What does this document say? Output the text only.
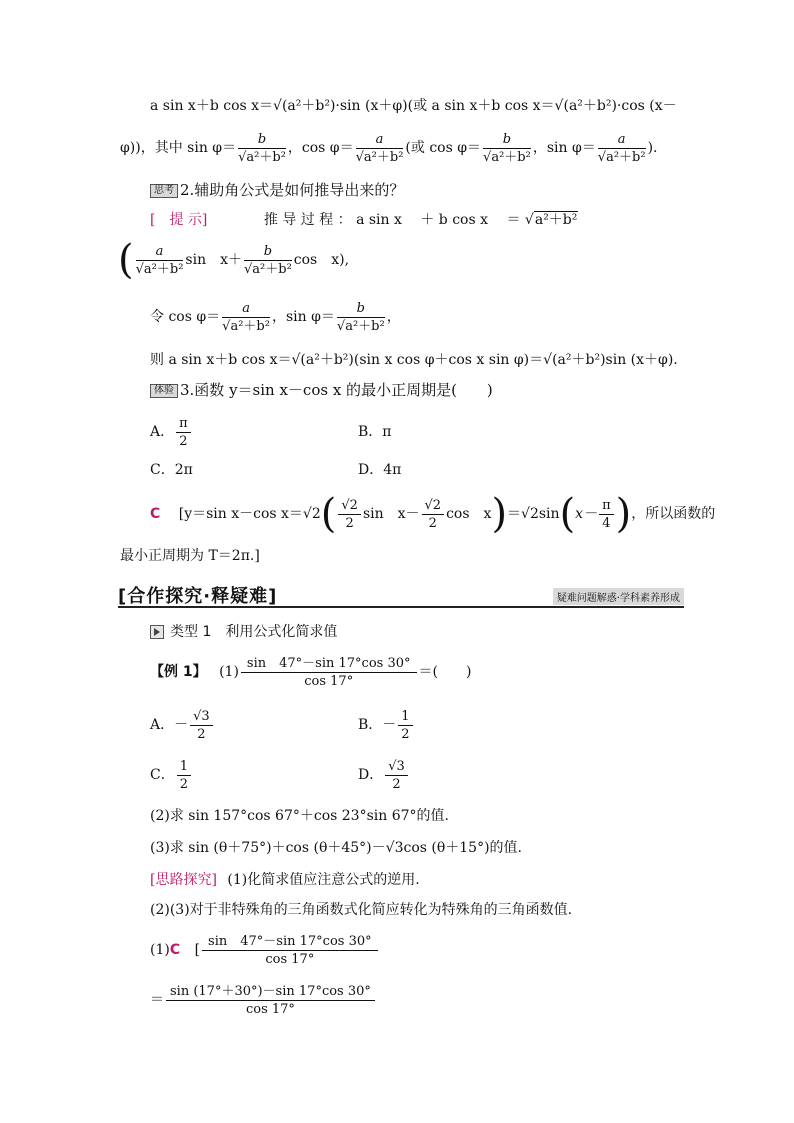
a sin x＋b cos x＝√(a²＋b²)·sin (x＋φ)(或 a sin x＋b cos x＝√(a²＋b²)·cos (x－
φ))，其中 $\sin \varphi= \frac{b}{\text{√a²＋b²}}$ ，$\cos \varphi= \frac{a}{\text{√a²＋b²}}$ (或 $\cos \varphi= \frac{b}{\text{√a²＋b²}}$ ，$\sin \varphi= \frac{a}{\text{√a²＋b²}}$ ).
思考 2.辅助角公式是如何推导出来的？
[　提 示]	推 导 过 程 ： a sin x　 ＋ b cos x　 ＝ √a²＋b²
( $\frac{a}{\text{√a²＋b²}}$ sin　$x+ \frac{b}{\text{√a²＋b²}}$ cos　x),
令 $\cos \varphi= \frac{a}{\text{√a²＋b²}}$ ，$\sin \varphi= \frac{b}{\text{√a²＋b²}}$ ，
则 a sin x＋b cos x＝√(a²＋b²)(sin x cos φ＋cos x sin φ)＝√(a²＋b²)sin (x＋φ).
体验 3.函数 y＝sin x－cos x 的最小正周期是(　　)
A． $\frac{\pi}{2}$	B．π
C．2π	D．4π
C [y＝sin x－cos $x=√2( \frac{√2}{2}$ sin　$x- \frac{√2}{2}$ cos　$x)=√2\sin(x- \frac{\pi}{4}$ )，所以函数的
最小正周期为 T＝2π.]
[合作探究·释疑难]	疑难问题解惑·学科素养形成
类型 1　利用公式化简求值
【例 1】 $(1) \frac{\sin 47^\circ-\sin 17^\circ\cos 30^\circ}{\cos 17^\circ}$ ＝(　　)
A．－ $\frac{√3}{2}$	B．－ $\frac{1}{2}$
C． $\frac{1}{2}$	D． $\frac{√3}{2}$
(2)求 sin 157°cos 67°＋cos 23°sin 67°的值.
(3)求 sin (θ＋75°)＋cos (θ＋45°)－√3cos (θ＋15°)的值.
[思路探究] (1)化简求值应注意公式的逆用.
(2)(3)对于非特殊角的三角函数式化简应转化为特殊角的三角函数值.
(1)C [ $\frac{\sin 47^\circ-\sin 17^\circ\cos 30^\circ}{\cos 17^\circ}$
＝ $\frac{\sin (17^\circ+30^\circ)-\sin 17^\circ\cos 30^\circ}{\cos 17^\circ}$
